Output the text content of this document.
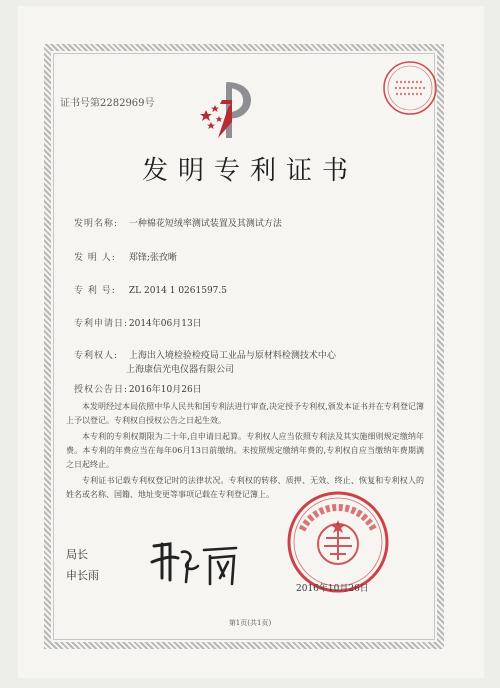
证书号第2282969号
发明专利证书
发明名称: 一种棉花短绒率测试装置及其测试方法
发 明 人: 郑锋;张孜晰
专 利 号: ZL 2014 1 0261597.5
专利申请日: 2014年06月13日
专利权人: 上海出入境检验检疫局工业品与原材料检测技术中心
上海康信光电仪器有限公司
授权公告日: 2016年10月26日

本发明经过本局依照中华人民共和国专利法进行审查,决定授予专利权,颁发本证书并在专利登记簿上予以登记。专利权自授权公告之日起生效。

本专利的专利权期限为二十年,自申请日起算。专利权人应当依照专利法及其实施细则规定缴纳年费。本专利的年费应当在每年06月13日前缴纳。未按照规定缴纳年费的,专利权自应当缴纳年费期满之日起终止。

专利证书记载专利权登记时的法律状况。专利权的转移、质押、无效、终止、恢复和专利权人的姓名或名称、国籍、地址变更等事项记载在专利登记簿上。

局长
申长雨
2016年10月26日
第1页(共1页)
